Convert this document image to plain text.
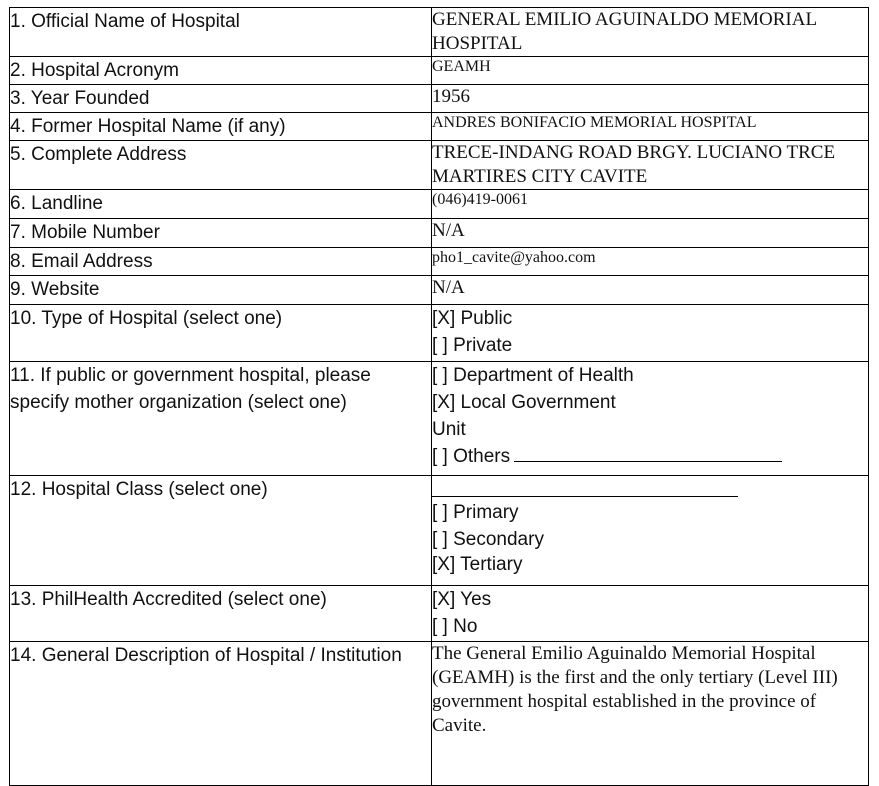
1. Official Name of Hospital	GENERAL EMILIO AGUINALDO MEMORIAL HOSPITAL
2. Hospital Acronym	GEAMH
3. Year Founded	1956
4. Former Hospital Name (if any)	ANDRES BONIFACIO MEMORIAL HOSPITAL
5. Complete Address	TRECE-INDANG ROAD BRGY. LUCIANO TRCE MARTIRES CITY CAVITE
6. Landline	(046)419-0061
7. Mobile Number	N/A
8. Email Address	pho1_cavite@yahoo.com
9. Website	N/A
10. Type of Hospital (select one)	[X] Public
[ ] Private

11. If public or government hospital, please specify mother organization (select one)	[ ] Department of Health
[X] Local Government
Unit
[ ] Others

12. Hospital Class (select one)	[ ] Primary
[ ] Secondary
[X] Tertiary

13. PhilHealth Accredited (select one)	[X] Yes
[ ] No

14. General Description of Hospital / Institution	The General Emilio Aguinaldo Memorial Hospital (GEAMH) is the first and the only tertiary (Level III) government hospital established in the province of Cavite.
